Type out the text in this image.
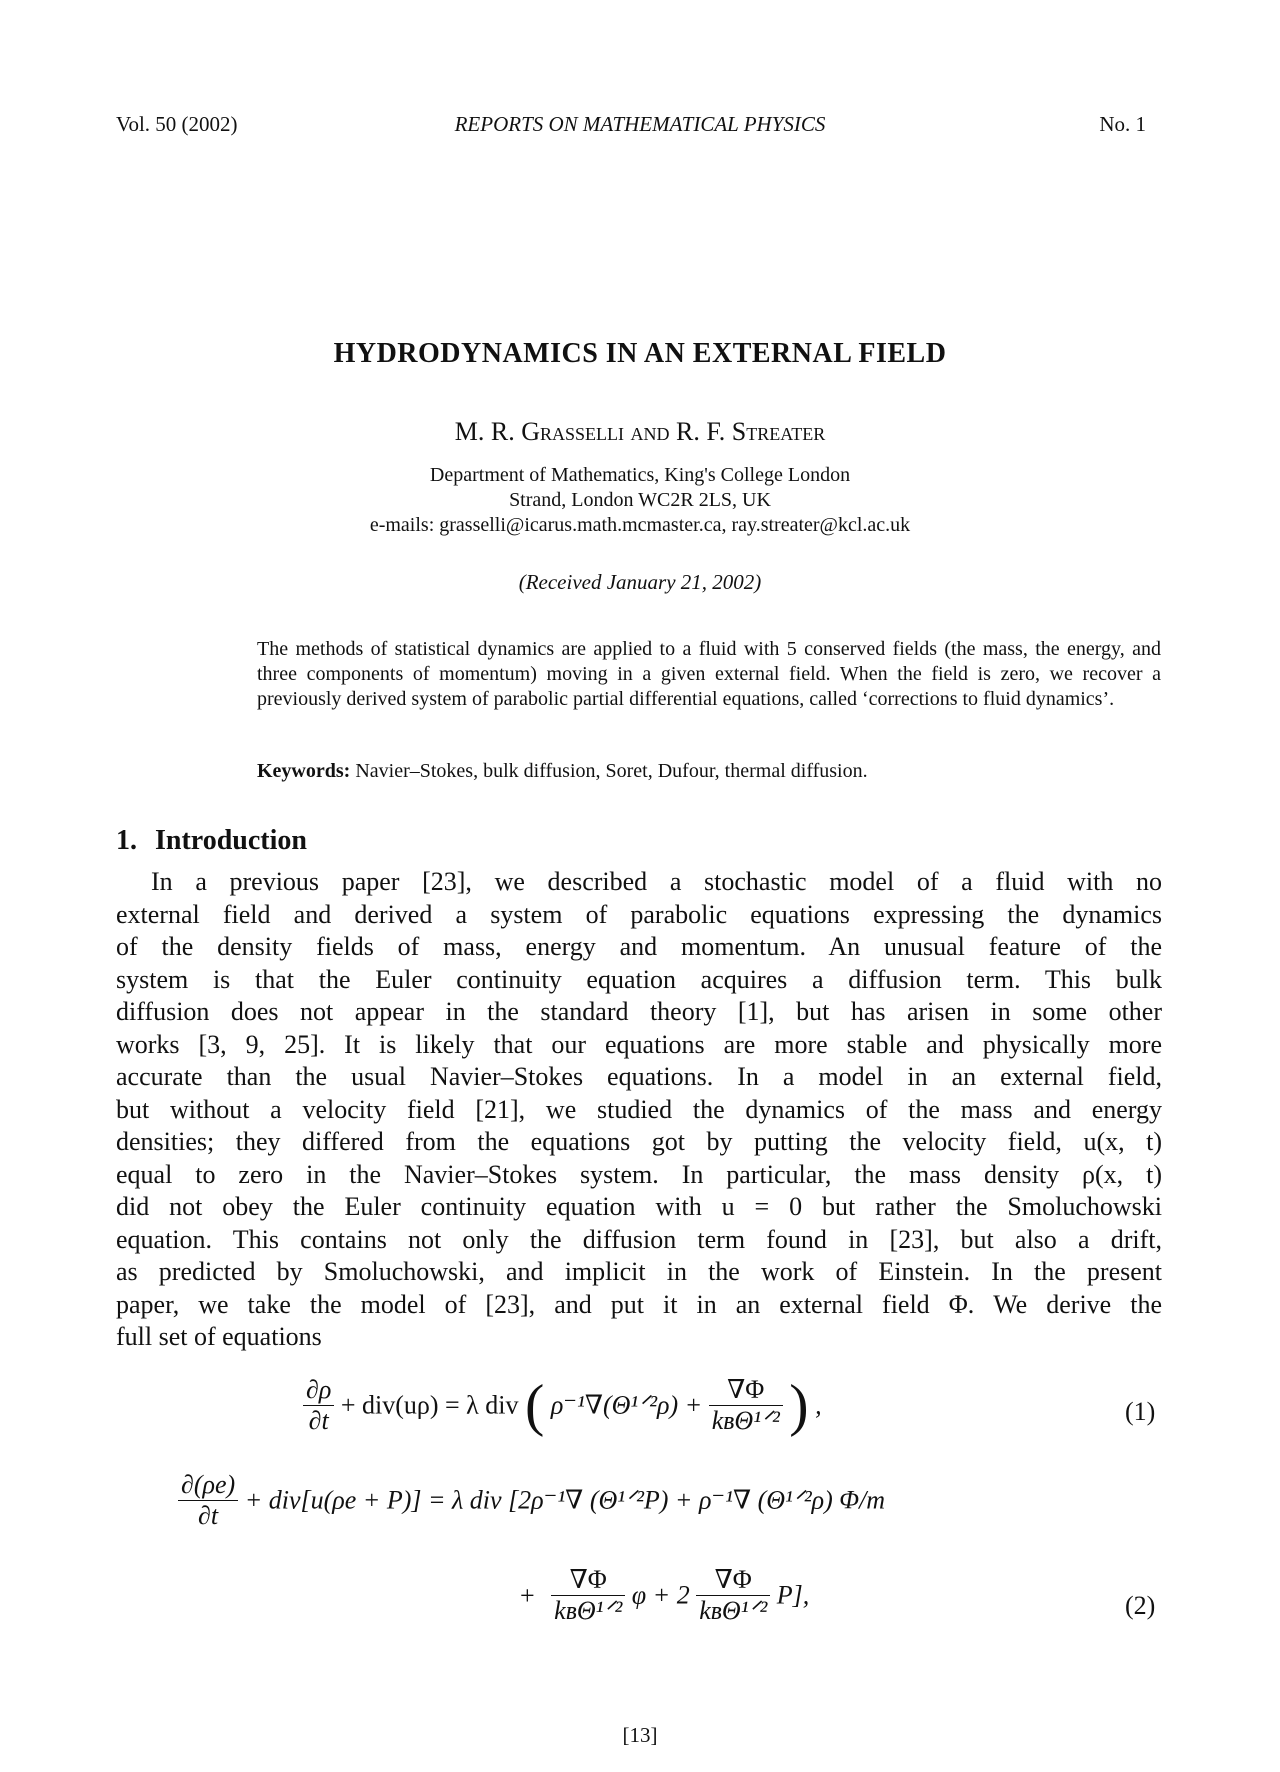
Vol. 50 (2002)	REPORTS ON MATHEMATICAL PHYSICS	No. 1
HYDRODYNAMICS IN AN EXTERNAL FIELD
M. R. Grasselli and R. F. Streater
Department of Mathematics, King's College London
Strand, London WC2R 2LS, UK
e-mails: grasselli@icarus.math.mcmaster.ca, ray.streater@kcl.ac.uk
(Received January 21, 2002)
The methods of statistical dynamics are applied to a fluid with 5 conserved fields (the mass, the energy, and three components of momentum) moving in a given external field. When the field is zero, we recover a previously derived system of parabolic partial differential equations, called ‘corrections to fluid dynamics’.
Keywords: Navier–Stokes, bulk diffusion, Soret, Dufour, thermal diffusion.
1. Introduction
In a previous paper [23], we described a stochastic model of a fluid with no
external field and derived a system of parabolic equations expressing the dynamics
of the density fields of mass, energy and momentum. An unusual feature of the
system is that the Euler continuity equation acquires a diffusion term. This bulk
diffusion does not appear in the standard theory [1], but has arisen in some other
works [3, 9, 25]. It is likely that our equations are more stable and physically more
accurate than the usual Navier–Stokes equations. In a model in an external field,
but without a velocity field [21], we studied the dynamics of the mass and energy
densities; they differed from the equations got by putting the velocity field, u(x, t)
equal to zero in the Navier–Stokes system. In particular, the mass density ρ(x, t)
did not obey the Euler continuity equation with u = 0 but rather the Smoluchowski
equation. This contains not only the diffusion term found in [23], but also a drift,
as predicted by Smoluchowski, and implicit in the work of Einstein. In the present
paper, we take the model of [23], and put it in an external field Φ. We derive the
full set of equations
$\frac{\partial\rho}{\partial t} + div(u\rho) = \lambda$ div ( ρ⁻¹∇(Θ¹ᐟ²ρ) + $\frac{\nabla\Phi}{\text{kʙΘ¹ᐟ²}}$ ) ,	(1)
$\frac{\partial(\rho e)}{\partial t} + div[u(\rho e + P)] = \lambda$ div [2ρ⁻¹∇ (Θ¹ᐟ²P) + ρ⁻¹∇ (Θ¹ᐟ²ρ) Φ/m
+ $\frac{\nabla\Phi}{\text{kʙΘ¹ᐟ²}}$ $\varphi + 2 \frac{\nabla\Phi}{\text{kʙΘ¹ᐟ²}} P$],	(2)
[13]
